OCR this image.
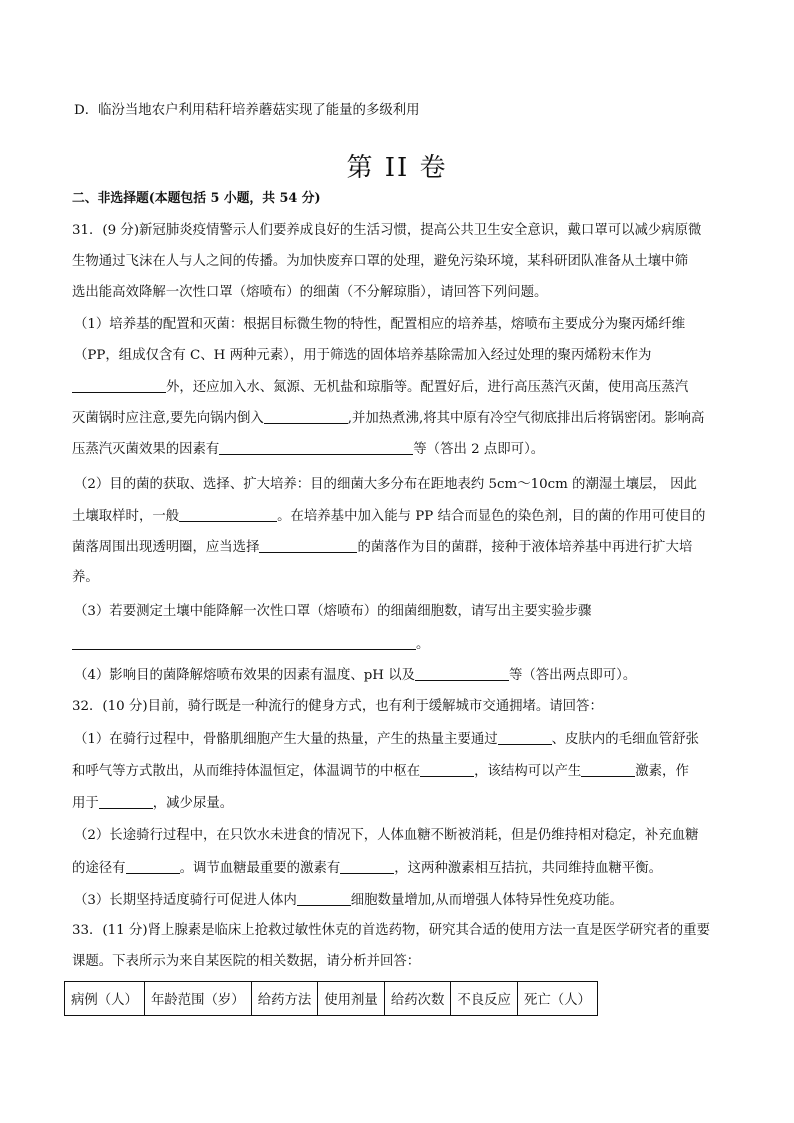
D．临汾当地农户利用秸秆培养蘑菇实现了能量的多级利用
第 II 卷
二、非选择题(本题包括 5 小题，共 54 分)
31．(9 分)新冠肺炎疫情警示人们要养成良好的生活习惯，提高公共卫生安全意识，戴口罩可以减少病原微
生物通过飞沫在人与人之间的传播。为加快废弃口罩的处理，避免污染环境，某科研团队准备从土壤中筛
选出能高效降解一次性口罩（熔喷布）的细菌（不分解琼脂），请回答下列问题。
（1）培养基的配置和灭菌：根据目标微生物的特性，配置相应的培养基，熔喷布主要成分为聚丙烯纤维
（PP，组成仅含有 C、H 两种元素），用于筛选的固体培养基除需加入经过处理的聚丙烯粉末作为
外，还应加入水、氮源、无机盐和琼脂等。配置好后，进行高压蒸汽灭菌，使用高压蒸汽
灭菌锅时应注意,要先向锅内倒入	,并加热煮沸,将其中原有冷空气彻底排出后将锅密闭。影响高
压蒸汽灭菌效果的因素有	等（答出 2 点即可）。
（2）目的菌的获取、选择、扩大培养：目的细菌大多分布在距地表约 5cm～10cm 的潮湿土壤层， 因此
土壤取样时，一般	。在培养基中加入能与 PP 结合而显色的染色剂，目的菌的作用可使目的
菌落周围出现透明圈，应当选择	的菌落作为目的菌群，接种于液体培养基中再进行扩大培
养。
（3）若要测定土壤中能降解一次性口罩（熔喷布）的细菌细胞数，请写出主要实验步骤
。
（4）影响目的菌降解熔喷布效果的因素有温度、pH 以及	等（答出两点即可）。
32．(10 分)目前，骑行既是一种流行的健身方式，也有利于缓解城市交通拥堵。请回答：
（1）在骑行过程中，骨骼肌细胞产生大量的热量，产生的热量主要通过	、皮肤内的毛细血管舒张
和呼气等方式散出，从而维持体温恒定，体温调节的中枢在	，该结构可以产生	激素，作
用于	，减少尿量。
（2）长途骑行过程中，在只饮水未进食的情况下，人体血糖不断被消耗，但是仍维持相对稳定，补充血糖
的途径有	。调节血糖最重要的激素有	，这两种激素相互拮抗，共同维持血糖平衡。
（3）长期坚持适度骑行可促进人体内	细胞数量增加,从而增强人体特异性免疫功能。
33．(11 分)肾上腺素是临床上抢救过敏性休克的首选药物，研究其合适的使用方法一直是医学研究者的重要
课题。下表所示为来自某医院的相关数据，请分析并回答：
病例（人）	年龄范围（岁）	给药方法	使用剂量	给药次数	不良反应	死亡（人）
